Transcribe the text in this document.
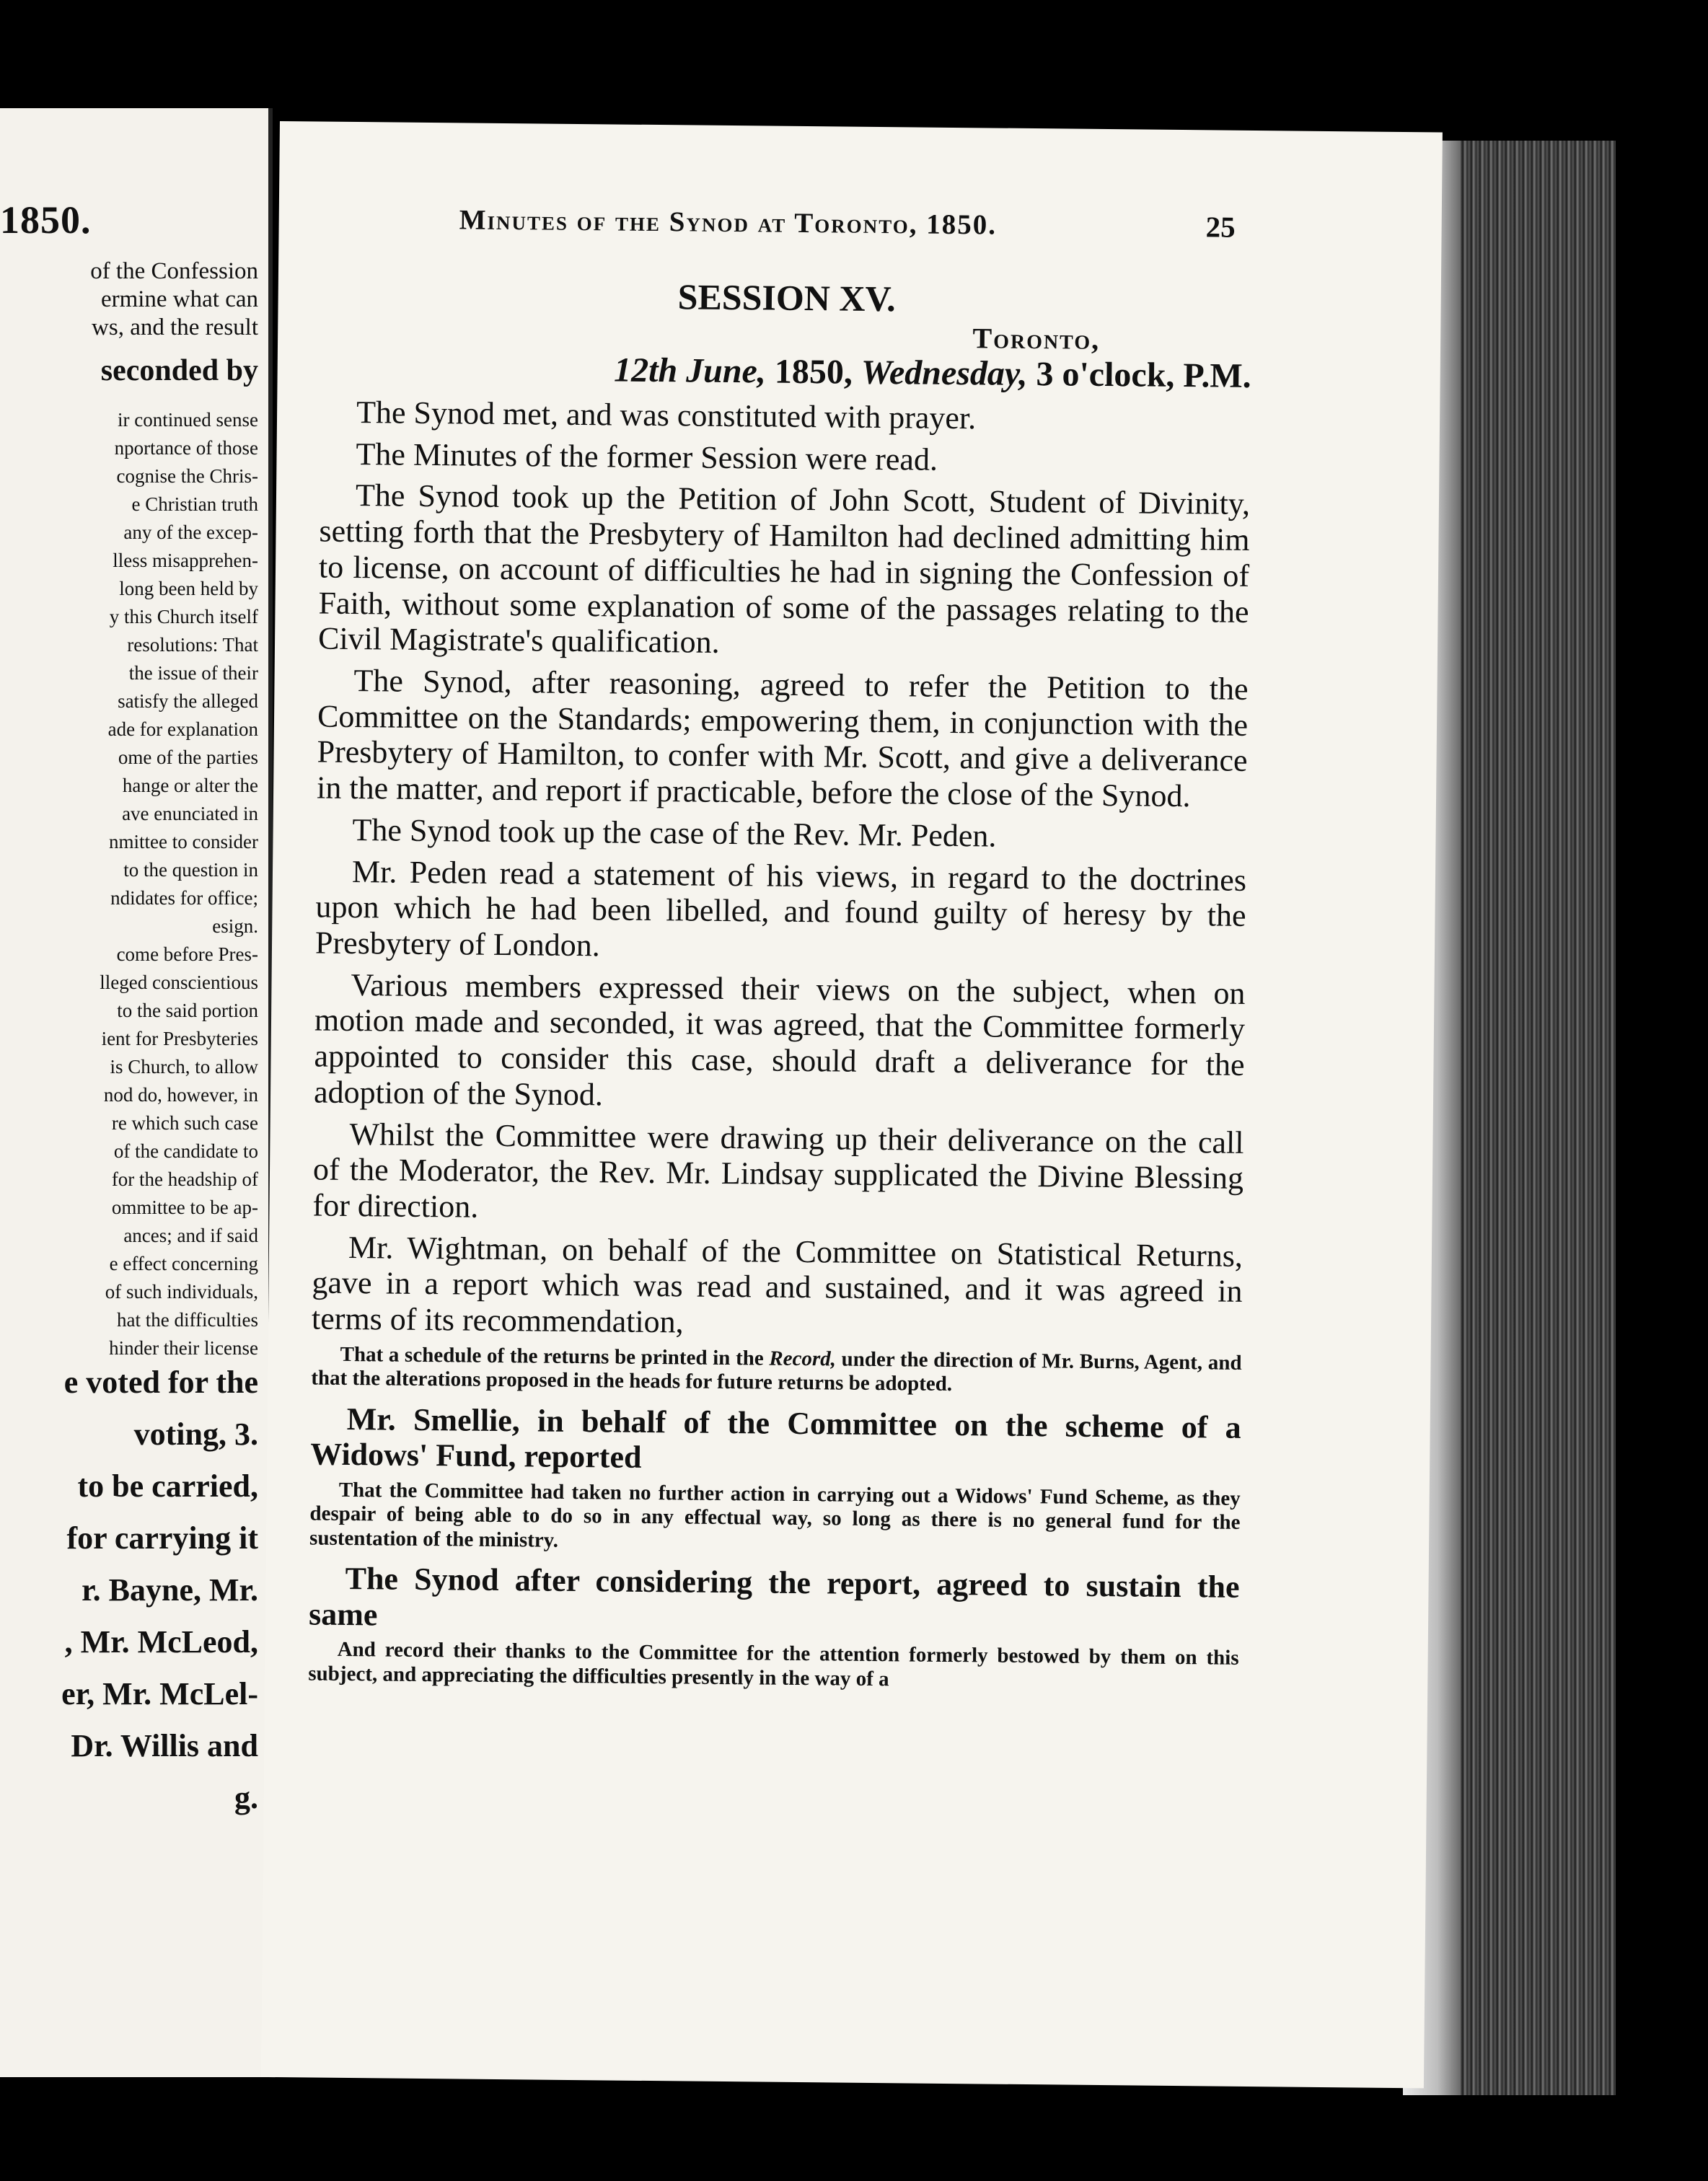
1850.
of the Confession
ermine what can
ws, and the result
seconded by
ir continued sense
nportance of those
cognise the Chris-
e Christian truth
any of the excep-
lless misapprehen-
long been held by
y this Church itself
resolutions: That
the issue of their
satisfy the alleged
ade for explanation
ome of the parties
hange or alter the
ave enunciated in
nmittee to consider
to the question in
ndidates for office;
esign.
come before Pres-
lleged conscientious
to the said portion
ient for Presbyteries
is Church, to allow
nod do, however, in
re which such case
of the candidate to
for the headship of
ommittee to be ap-
ances; and if said
e effect concerning
of such individuals,
hat the difficulties
hinder their license
e voted for the
voting, 3.
to be carried,
for carrying it
r. Bayne, Mr.
, Mr. McLeod,
er, Mr. McLel-
Dr. Willis and
g.
Minutes of the Synod at Toronto, 1850.	25
SESSION XV.
Toronto,
12th June, 1850, Wednesday, 3 o'clock, P.M.

The Synod met, and was constituted with prayer.

The Minutes of the former Session were read.

The Synod took up the Petition of John Scott, Student of Divinity, setting forth that the Presbytery of Hamilton had declined admitting him to license, on account of difficulties he had in signing the Confession of Faith, without some explanation of some of the passages relating to the Civil Magistrate's qualification.

The Synod, after reasoning, agreed to refer the Petition to the Committee on the Standards; empowering them, in conjunction with the Presbytery of Hamilton, to confer with Mr. Scott, and give a deliverance in the matter, and report if practicable, before the close of the Synod.

The Synod took up the case of the Rev. Mr. Peden.

Mr. Peden read a statement of his views, in regard to the doctrines upon which he had been libelled, and found guilty of heresy by the Presbytery of London.

Various members expressed their views on the subject, when on motion made and seconded, it was agreed, that the Committee formerly appointed to consider this case, should draft a deliverance for the adoption of the Synod.

Whilst the Committee were drawing up their deliverance on the call of the Moderator, the Rev. Mr. Lindsay supplicated the Divine Blessing for direction.

Mr. Wightman, on behalf of the Committee on Statistical Returns, gave in a report which was read and sustained, and it was agreed in terms of its recommendation,

That a schedule of the returns be printed in the Record, under the direction of Mr. Burns, Agent, and that the alterations proposed in the heads for future returns be adopted.

Mr. Smellie, in behalf of the Committee on the scheme of a Widows' Fund, reported

That the Committee had taken no further action in carrying out a Widows' Fund Scheme, as they despair of being able to do so in any effectual way, so long as there is no general fund for the sustentation of the ministry.

The Synod after considering the report, agreed to sustain the same

And record their thanks to the Committee for the attention formerly bestowed by them on this subject, and appreciating the difficulties presently in the way of a
